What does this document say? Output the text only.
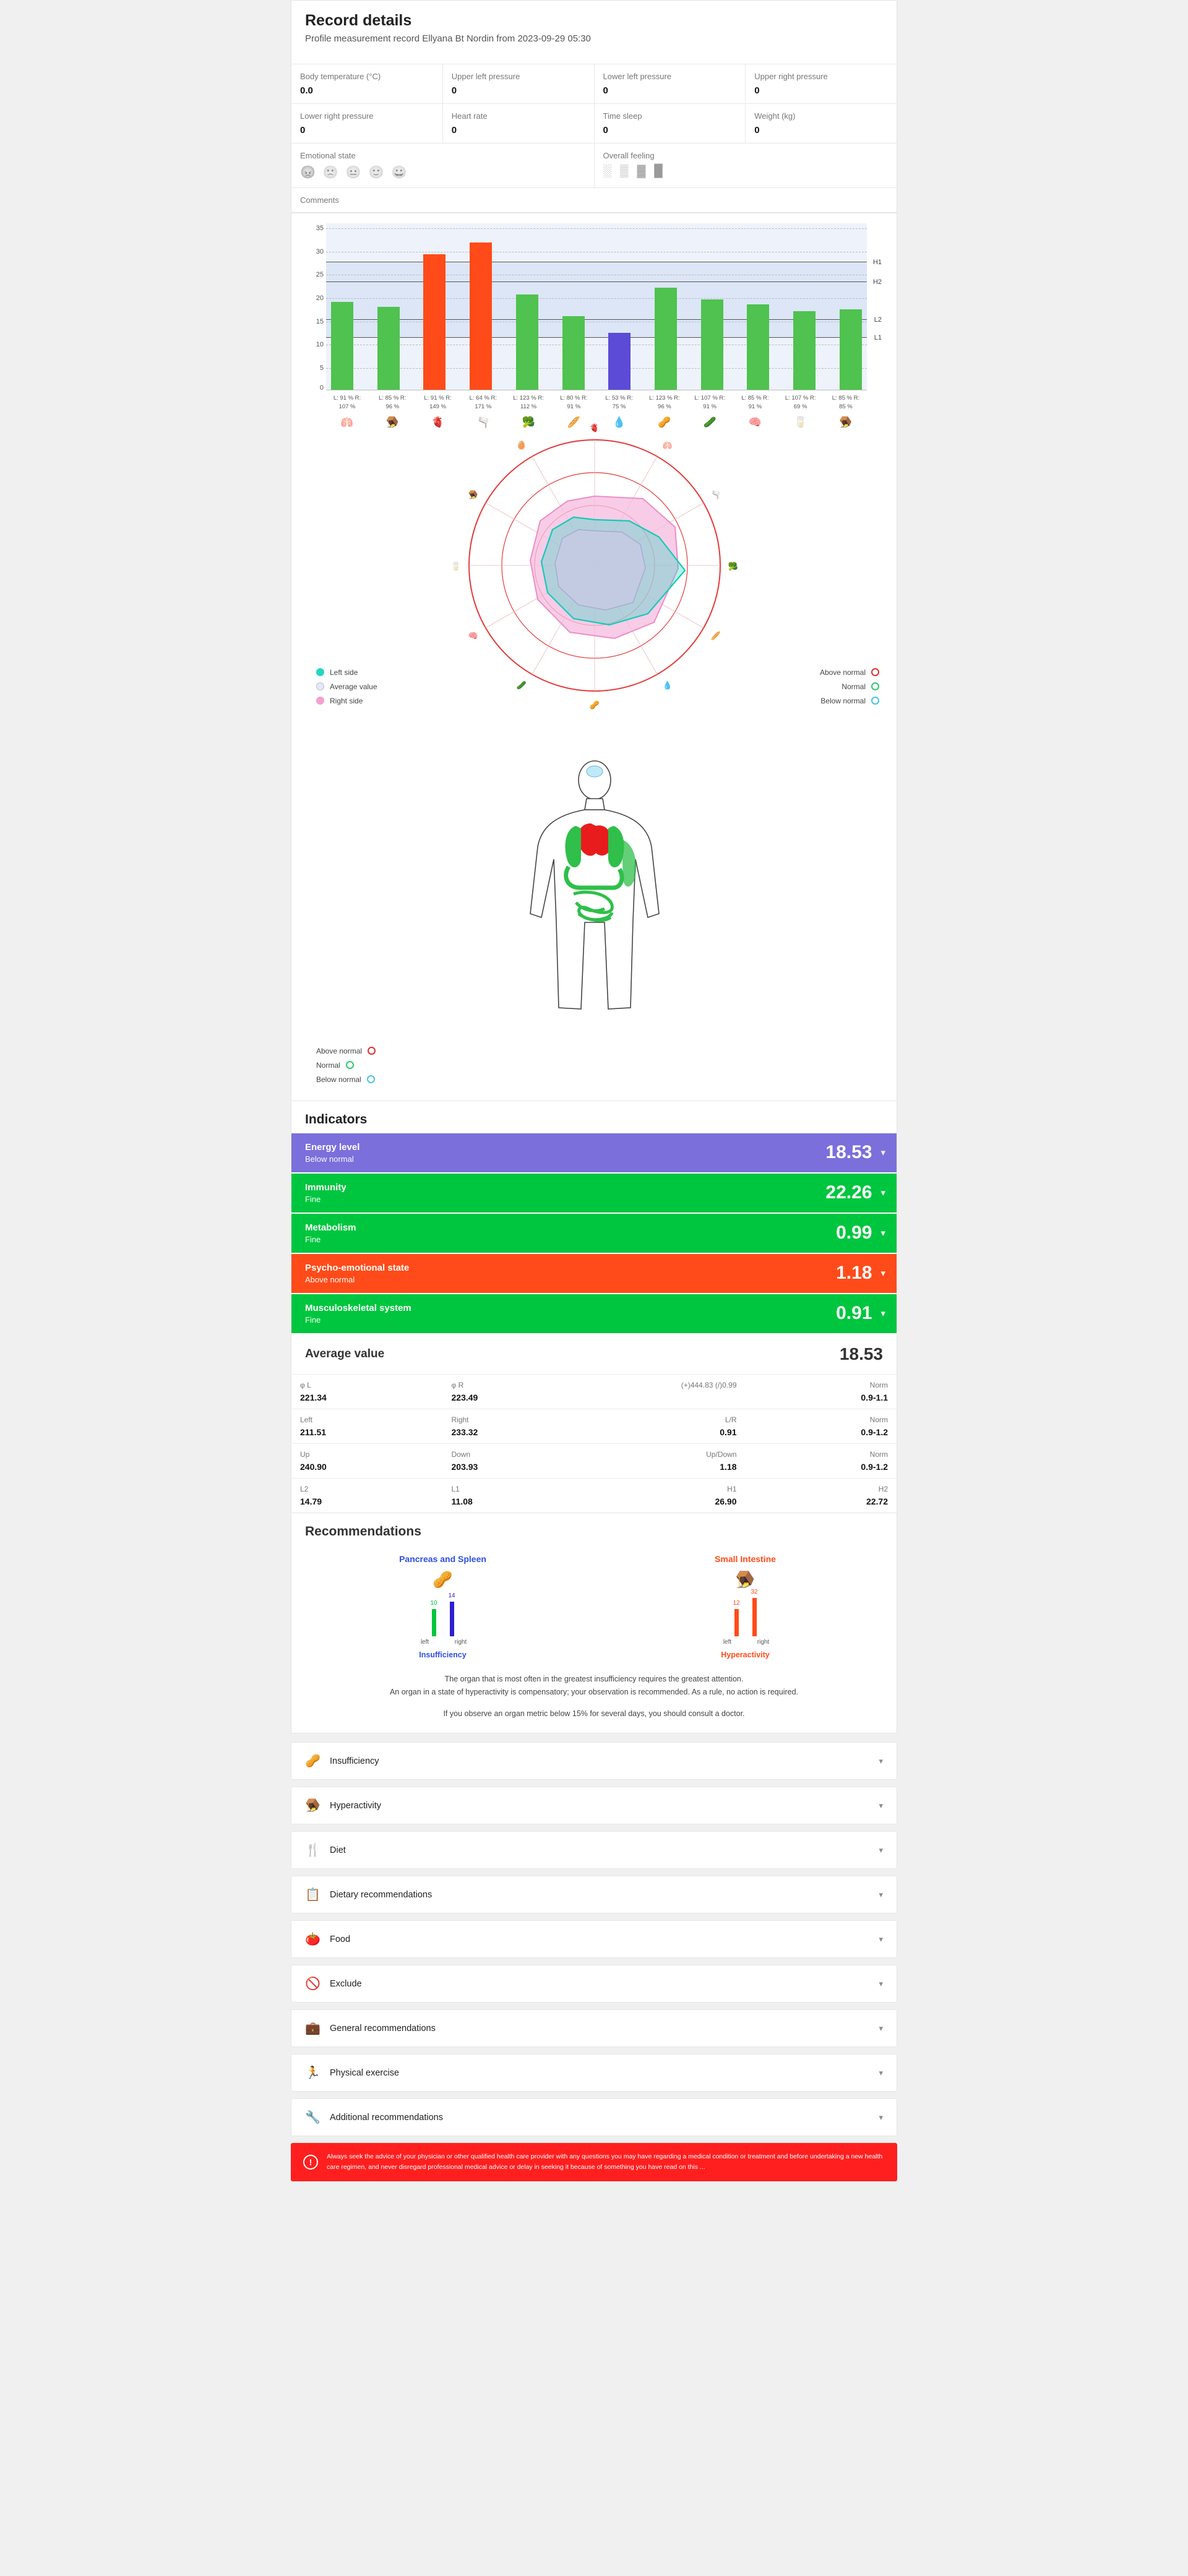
Record details
Profile measurement record Ellyana Bt Nordin from 2023-09-29 05:30
Body temperature (°C)
0.0
Upper left pressure
0
Lower left pressure
0
Upper right pressure
0
Lower right pressure
0
Heart rate
0
Time sleep
0
Weight (kg)
0
Emotional state
😡 🙁 😐 🙂 😀
Overall feeling
░ ▒ ▓ █
Comments
35
30
25
20
15
10
5
0
H2
H1
L1
L2
L: 91 % R: 107 %
L: 85 % R: 96 %
L: 91 % R: 149 %
L: 64 % R: 171 %
L: 123 % R: 112 %
L: 80 % R: 91 %
L: 53 % R: 75 %
L: 123 % R: 96 %
L: 107 % R: 91 %
L: 85 % R: 91 %
L: 107 % R: 69 %
L: 85 % R: 85 %
🫁	🪤	🫀	🫗	🥦	🥖	💧	🥜	🥒	🧠	🥛	🪤
🫀
🫁
🫗
🥦
🥖
💧
🥜
🥒
🧠
🥛
🪤
🥚
Left side
Average value
Right side
Above normal
Normal
Below normal
Above normal
Normal
Below normal
Indicators
Energy level
Below normal	18.53 ▾
Immunity
Fine	22.26 ▾
Metabolism
Fine	0.99 ▾
Psycho-emotional state
Above normal	1.18 ▾
Musculoskeletal system
Fine	0.91 ▾
Average value	18.53
φ L
221.34
φ R
223.49
(+)444.83 (/)0.99	Norm
0.9-1.1
Left
211.51
Right
233.32
L/R
0.91
Norm
0.9-1.2
Up
240.90
Down
203.93
Up/Down
1.18
Norm
0.9-1.2
L2
14.79
L1
11.08
H1
26.90
H2
22.72
Recommendations
Pancreas and Spleen
🥜
10
14
left	right
Insufficiency
Small Intestine
🪤
12
32
left	right
Hyperactivity
The organ that is most often in the greatest insufficiency requires the greatest attention.
An organ in a state of hyperactivity is compensatory; your observation is recommended. As a rule, no action is required.
If you observe an organ metric below 15% for several days, you should consult a doctor.
🥜 Insufficiency	▾
🪤 Hyperactivity	▾
🍴 Diet	▾
📋 Dietary recommendations	▾
🍅 Food	▾
🚫 Exclude	▾
💼 General recommendations	▾
🏃 Physical exercise	▾
🔧 Additional recommendations	▾
!
Always seek the advice of your physician or other qualified health care provider with any questions you may have regarding a medical condition or treatment and before undertaking a new health care regimen, and never disregard professional medical advice or delay in seeking it because of something you have read on this ...
